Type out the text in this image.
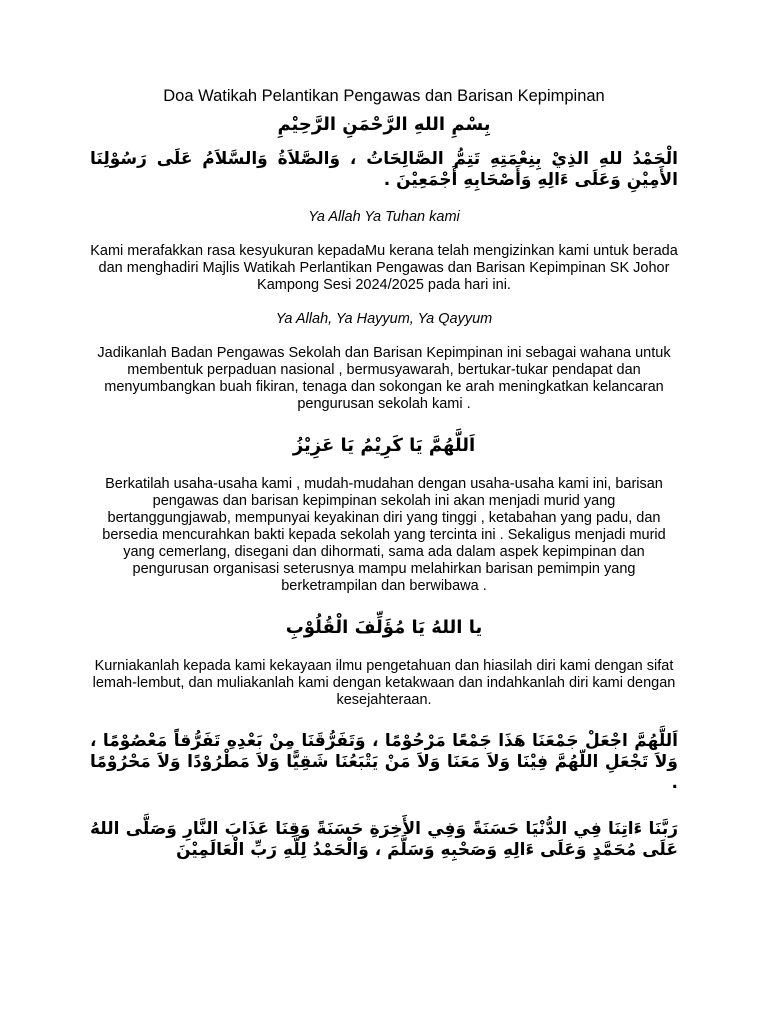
Doa Watikah Pelantikan Pengawas dan Barisan Kepimpinan

بِسْمِ اللهِ الرَّحْمَنِ الرَّحِيْمِ

الْحَمْدُ للهِ الذِيْ بِنِعْمَتِهِ تَتِمُّ الصَّالِحَاتُ ، وَالصَّلاَةُ وَالسَّلاَمُ عَلَى رَسُوْلِنَا الأَمِيْنِ وَعَلَى ءَالِهِ وَأَصْحَابِهِ أَجْمَعِيْنَ .

Ya Allah Ya Tuhan kami

Kami merafakkan rasa kesyukuran kepadaMu kerana telah mengizinkan kami untuk berada dan menghadiri Majlis Watikah Perlantikan Pengawas dan Barisan Kepimpinan SK Johor Kampong Sesi 2024/2025 pada hari ini.

Ya Allah, Ya Hayyum, Ya Qayyum

Jadikanlah Badan Pengawas Sekolah dan Barisan Kepimpinan ini sebagai wahana untuk membentuk perpaduan nasional , bermusyawarah, bertukar-tukar pendapat dan menyumbangkan buah fikiran, tenaga dan sokongan ke arah meningkatkan kelancaran pengurusan sekolah kami .

اَللَّهُمَّ يَا كَرِيْمُ يَا عَزِيْزُ

Berkatilah usaha-usaha kami , mudah-mudahan dengan usaha-usaha kami ini, barisan pengawas dan barisan kepimpinan sekolah ini akan menjadi murid yang bertanggungjawab, mempunyai keyakinan diri yang tinggi , ketabahan yang padu, dan bersedia mencurahkan bakti kepada sekolah yang tercinta ini . Sekaligus menjadi murid yang cemerlang, disegani dan dihormati, sama ada dalam aspek kepimpinan dan pengurusan organisasi seterusnya mampu melahirkan barisan pemimpin yang berketrampilan dan berwibawa .

يا اللهُ يَا مُؤَلِّفَ الْقُلُوْبِ

Kurniakanlah kepada kami kekayaan ilmu pengetahuan dan hiasilah diri kami dengan sifat lemah-lembut, dan muliakanlah kami dengan ketakwaan dan indahkanlah diri kami dengan kesejahteraan.

اَللَّهُمَّ اجْعَلْ جَمْعَنَا هَذَا جَمْعًا مَرْحُوْمًا ، وَتَفَرُّقَنَا مِنْ بَعْدِهِ تَفَرُّقاً مَعْصُوْمًا ، وَلاَ تَجْعَلِ اللّهُمَّ فِيْنَا وَلاَ مَعَنَا وَلاَ مَنْ يَتْبَعُنَا شَقِيًّا وَلاَ مَطْرُوْدًا وَلاَ مَحْرُوْمًا .

رَبَّنَا ءَاتِنَا فِي الدُّنْيَا حَسَنَةً وَفِي الأَخِرَةِ حَسَنَةً وَقِنَا عَذَابَ النَّارِ وَصَلَّى اللهُ عَلَى مُحَمَّدٍ وَعَلَى ءَالِهِ وَصَحْبِهِ وَسَلَّمَ ، وَالْحَمْدُ لِلَّهِ رَبِّ الْعَالَمِيْنَ
